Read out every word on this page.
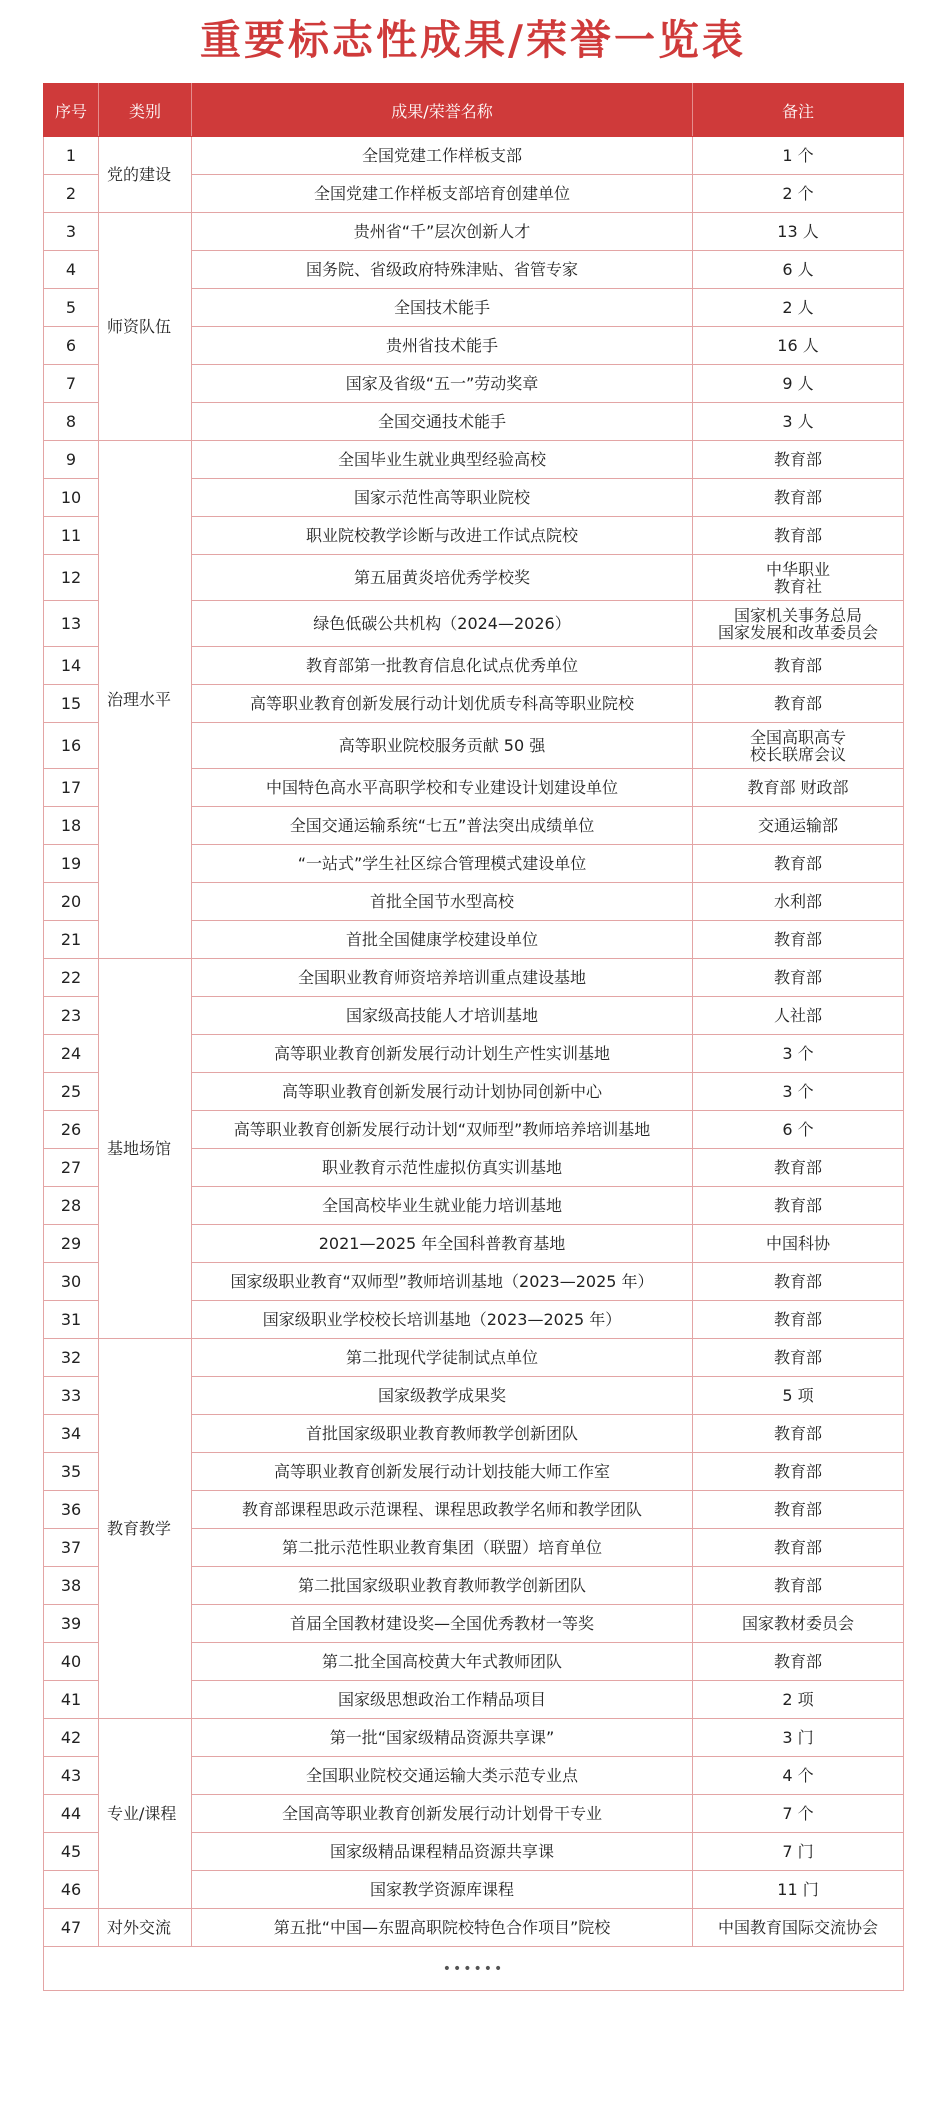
重要标志性成果/荣誉一览表
序号	类别	成果/荣誉名称	备注
1	党的建设	全国党建工作样板支部	1 个

2		全国党建工作样板支部培育创建单位	2 个

3	师资队伍	贵州省“千”层次创新人才	13 人

4		国务院、省级政府特殊津贴、省管专家	6 人

5		全国技术能手	2 人

6		贵州省技术能手	16 人

7		国家及省级“五一”劳动奖章	9 人

8		全国交通技术能手	3 人

9	治理水平	全国毕业生就业典型经验高校	教育部

10		国家示范性高等职业院校	教育部

11		职业院校教学诊断与改进工作试点院校	教育部

12		第五届黄炎培优秀学校奖	中华职业
教育社

13		绿色低碳公共机构（2024—2026）	国家机关事务总局
国家发展和改革委员会

14		教育部第一批教育信息化试点优秀单位	教育部

15		高等职业教育创新发展行动计划优质专科高等职业院校	教育部

16		高等职业院校服务贡献 50 强	全国高职高专
校长联席会议

17		中国特色高水平高职学校和专业建设计划建设单位	教育部 财政部

18		全国交通运输系统“七五”普法突出成绩单位	交通运输部

19		“一站式”学生社区综合管理模式建设单位	教育部

20		首批全国节水型高校	水利部

21		首批全国健康学校建设单位	教育部

22	基地场馆	全国职业教育师资培养培训重点建设基地	教育部

23		国家级高技能人才培训基地	人社部

24		高等职业教育创新发展行动计划生产性实训基地	3 个

25		高等职业教育创新发展行动计划协同创新中心	3 个

26		高等职业教育创新发展行动计划“双师型”教师培养培训基地	6 个

27		职业教育示范性虚拟仿真实训基地	教育部

28		全国高校毕业生就业能力培训基地	教育部

29		2021—2025 年全国科普教育基地	中国科协

30		国家级职业教育“双师型”教师培训基地（2023—2025 年）	教育部

31		国家级职业学校校长培训基地（2023—2025 年）	教育部

32	教育教学	第二批现代学徒制试点单位	教育部

33		国家级教学成果奖	5 项

34		首批国家级职业教育教师教学创新团队	教育部

35		高等职业教育创新发展行动计划技能大师工作室	教育部

36		教育部课程思政示范课程、课程思政教学名师和教学团队	教育部

37		第二批示范性职业教育集团（联盟）培育单位	教育部

38		第二批国家级职业教育教师教学创新团队	教育部

39		首届全国教材建设奖—全国优秀教材一等奖	国家教材委员会

40		第二批全国高校黄大年式教师团队	教育部

41		国家级思想政治工作精品项目	2 项

42	专业/课程	第一批“国家级精品资源共享课”	3 门

43		全国职业院校交通运输大类示范专业点	4 个

44		全国高等职业教育创新发展行动计划骨干专业	7 个

45		国家级精品课程精品资源共享课	7 门

46		国家教学资源库课程	11 门

47	对外交流	第五批“中国—东盟高职院校特色合作项目”院校	中国教育国际交流协会

••••••			
